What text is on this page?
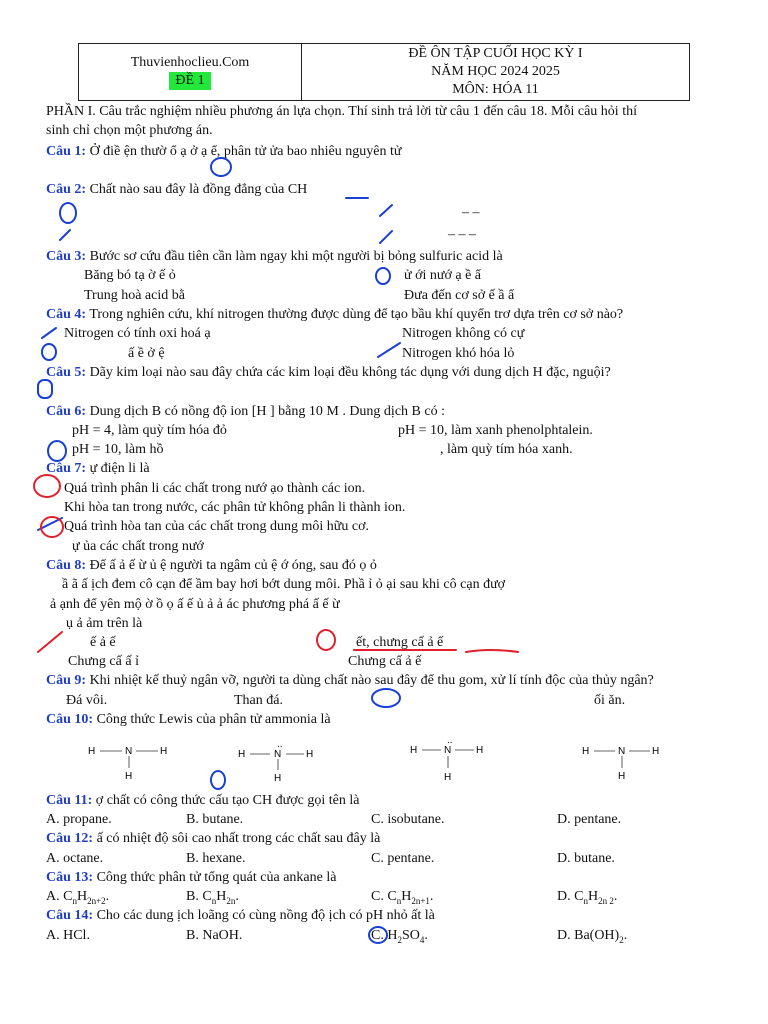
Thuvienhoclieu.Com
ĐỀ 1
ĐỀ ÔN TẬP CUỐI HỌC KỲ I
NĂM HỌC 2024 2025
MÔN: HÓA 11
PHẦN I. Câu trắc nghiệm nhiều phương án lựa chọn. Thí sinh trả lời từ câu 1 đến câu 18. Mỗi câu hỏi thí
sinh chỉ chọn một phương án.
Câu 1: Ở điề ện thườ ổ ạ ở ạ ể, phân tử ửa bao nhiêu nguyên tử
Câu 2: Chất nào sau đây là đồng đẳng của CH
– –
– – –
Câu 3: Bước sơ cứu đầu tiên cần làm ngay khi một người bị bỏng sulfuric acid là
Băng bó tạ ờ ế ỏ	ử ới nướ ạ ề ẩ
Trung hoà acid bằ	Đưa đến cơ sở ế ầ ẩ
Câu 4: Trong nghiên cứu, khí nitrogen thường được dùng để tạo bầu khí quyển trơ dựa trên cơ sở nào?
Nitrogen có tính oxi hoá ạ	Nitrogen không có cự
ấ ề ở ệ	Nitrogen khó hóa lỏ
Câu 5: Dãy kim loại nào sau đây chứa các kim loại đều không tác dụng với dung dịch H đặc, nguội?
Câu 6: Dung dịch B có nồng độ ion [H ] bằng 10 M . Dung dịch B có :
pH = 4, làm quỳ tím hóa đỏ	pH = 10, làm xanh phenolphtalein.
pH = 10, làm hồ	, làm quỳ tím hóa xanh.
Câu 7: ự điện li là
Quá trình phân li các chất trong nướ ạo thành các ion.
Khi hòa tan trong nước, các phân tử không phân li thành ion.
Quá trình hòa tan của các chất trong dung môi hữu cơ.
ự ủa các chất trong nướ
Câu 8: Để ấ ả ế ừ ủ ệ người ta ngâm củ ệ ớ óng, sau đó ọ ỏ
ầ ã ấ ịch đem cô cạn để ầm bay hơi bớt dung môi. Phầ ỉ ỏ ại sau khi cô cạn đượ
ả ạnh để yên mộ ờ ồ ọ ấ ế ủ ả ả ác phương phá ấ ế ừ
ụ ả ảm trên là
ế ả ế	ết, chưng cấ ả ế
Chưng cấ ấ ỉ	Chưng cấ ả ế
Câu 9: Khi nhiệt kế thuỷ ngân vỡ, người ta dùng chất nào sau đây để thu gom, xử lí tính độc của thủy ngân?
Đá vôi.	Than đá.	ối ăn.
Câu 10: Công thức Lewis của phân tử ammonia là
H	N	H
H
H
..
N H
H
H
..
N H
H
H	N	H
H
Câu 11: ợ chất có công thức cấu tạo CH được gọi tên là
A. propane.	B. butane.	C. isobutane.	D. pentane.
Câu 12: ấ có nhiệt độ sôi cao nhất trong các chất sau đây là
A. octane.	B. hexane.	C. pentane.	D. butane.
Câu 13: Công thức phân tử tổng quát của ankane là
A. $C_nH_{2n+2}$.	B. $C_nH_{2n}$.	C. $C_nH_{2n+1}$.	D. $C_nH_{2n 2}$.
Câu 14: Cho các dung ịch loãng có cùng nồng độ ịch có pH nhỏ ất là
A. HCl.	B. NaOH.	C. $H_2SO_4$.	D. $Ba(OH)_2$.
